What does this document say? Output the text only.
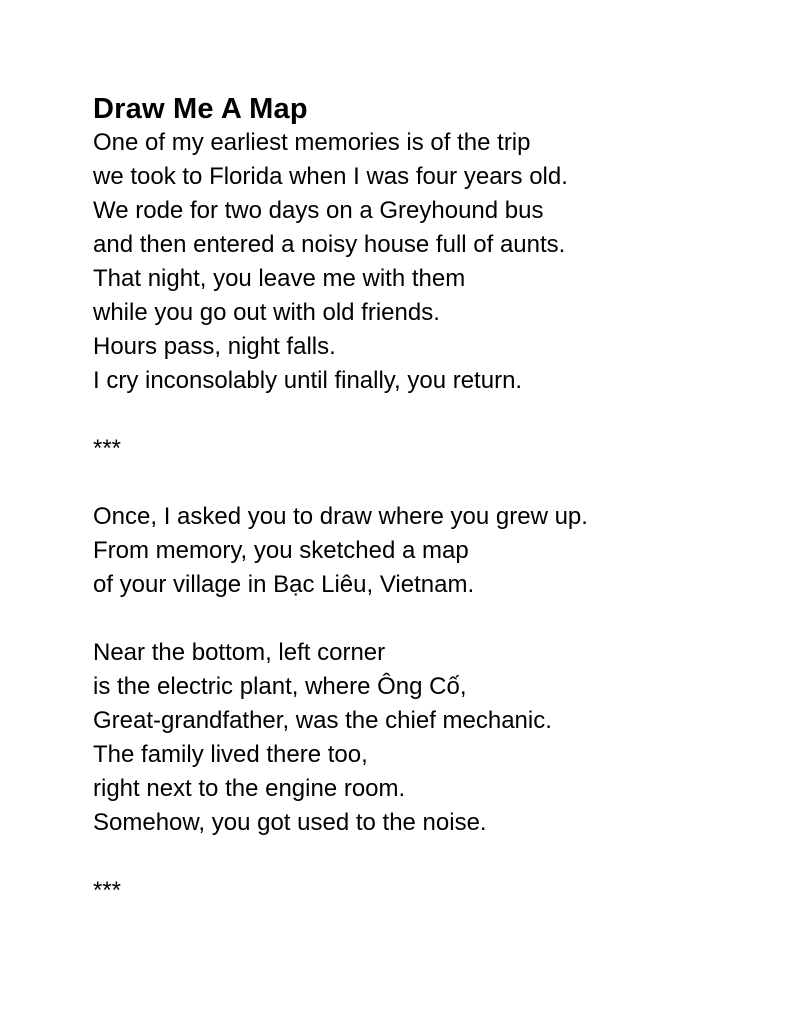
Draw Me A Map

One of my earliest memories is of the trip

we took to Florida when I was four years old.

We rode for two days on a Greyhound bus

and then entered a noisy house full of aunts.

That night, you leave me with them

while you go out with old friends.

Hours pass, night falls.

I cry inconsolably until finally, you return.

***

Once, I asked you to draw where you grew up.

From memory, you sketched a map

of your village in Bạc Liêu, Vietnam.

Near the bottom, left corner

is the electric plant, where Ông Cố,

Great-grandfather, was the chief mechanic.

The family lived there too,

right next to the engine room.

Somehow, you got used to the noise.

***
